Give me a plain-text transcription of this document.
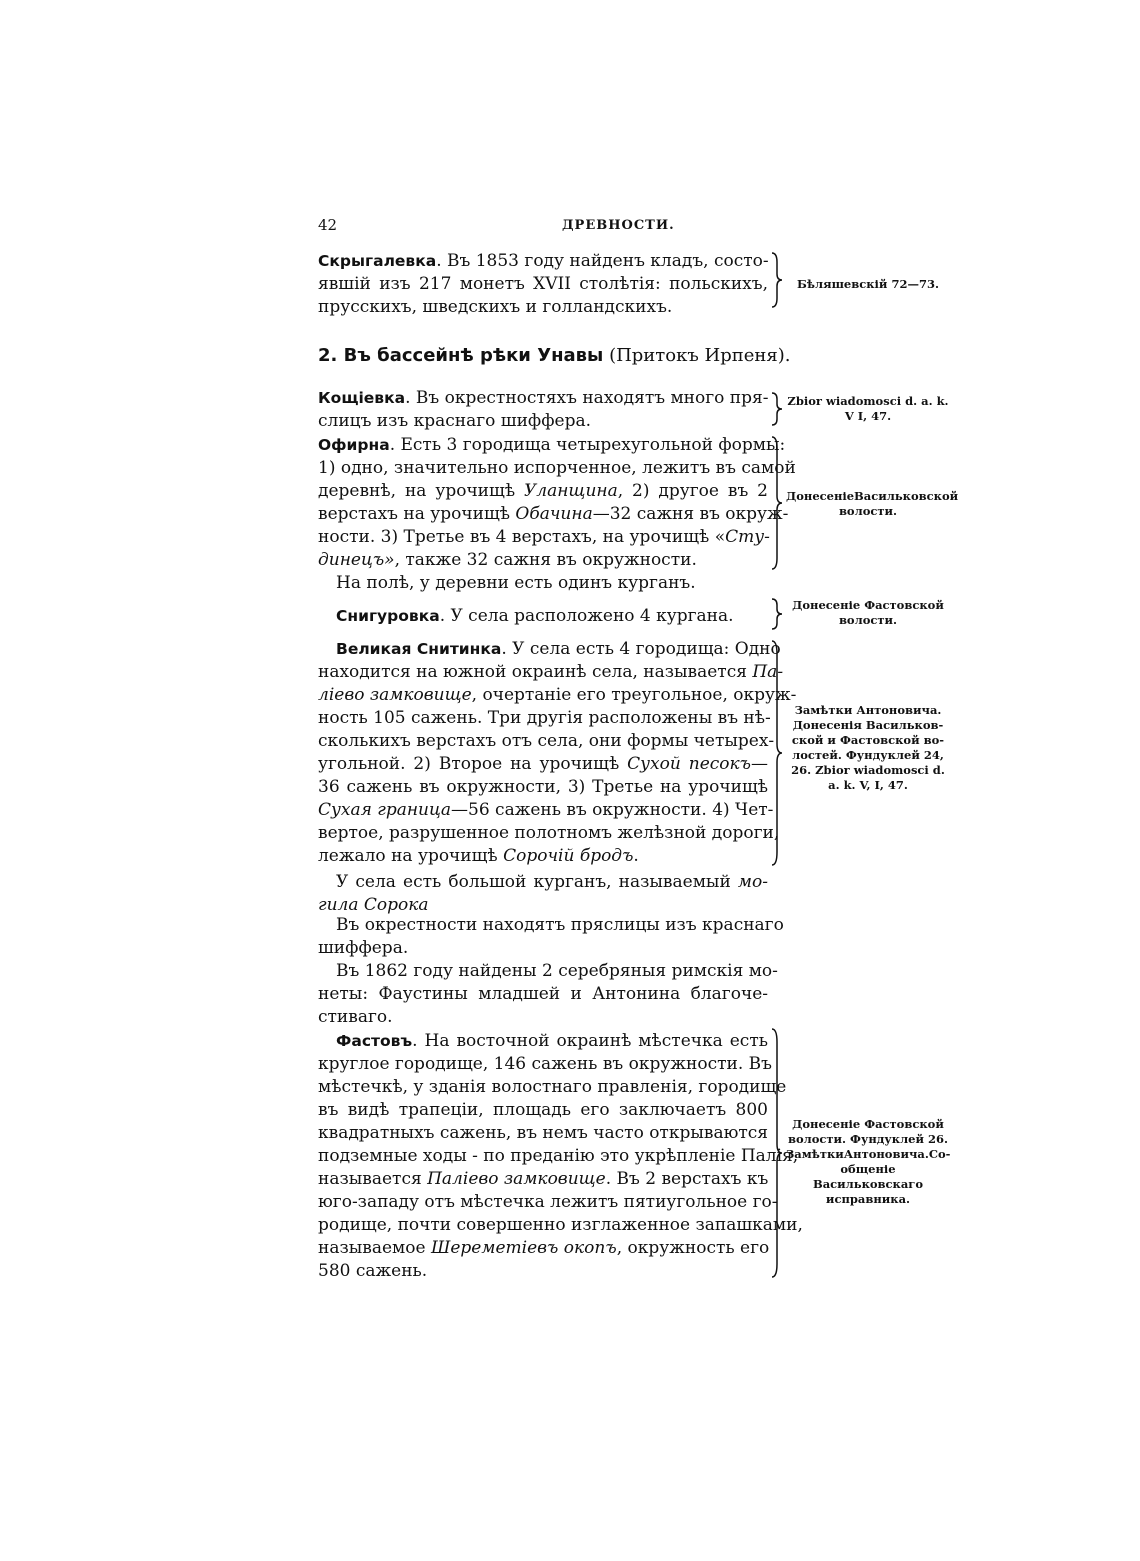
42	ДРЕВНОСТИ.
Скрыгалевка. Въ 1853 году найденъ кладъ, состо-
явшій изъ 217 монетъ XVII столѣтія: польскихъ,
прусскихъ, шведскихъ и голландскихъ.
Бѣляшевскій 72—73.
2. Въ бассейнѣ рѣки Унавы (Притокъ Ирпеня).
Кощіевка. Въ окрестностяхъ находятъ много пря-
слицъ изъ краснаго шиффера.
Zbior wiadomosci d. a. k. V I, 47.
Офирна. Есть 3 городища четырехугольной формы:
1) одно, значительно испорченное, лежитъ въ самой
деревнѣ, на урочищѣ Уланщина, 2) другое въ 2
верстахъ на урочищѣ Обачина—32 сажня въ окруж-
ности. 3) Третье въ 4 верстахъ, на урочищѣ «Сту-
динецъ», также 32 сажня въ окружности.
На полѣ, у деревни есть одинъ курганъ.
ДонесеніеВасильковской волости.
Снигуровка. У села расположено 4 кургана.
Донесеніе Фастовской волости.
Великая Снитинка. У села есть 4 городища: Одно
находится на южной окраинѣ села, называется Па-
ліево замковище, очертаніе его треугольное, окруж-
ность 105 сажень. Три другія расположены въ нѣ-
сколькихъ верстахъ отъ села, они формы четырех-
угольной. 2) Второе на урочищѣ Сухой песокъ—
36 сажень въ окружности, 3) Третье на урочищѣ
Сухая граница—56 сажень въ окружности. 4) Чет-
вертое, разрушенное полотномъ желѣзной дороги,
лежало на урочищѣ Сорочій бродъ.
Замѣтки Антоновича. Донесенія Васильковской и Фастовской волостей. Фундуклей 24, 26. Zbior wiadomosci d. a. k. V, I, 47.
У села есть большой курганъ, называемый мо-
гила Сорока
Въ окрестности находятъ пряслицы изъ краснаго
шиффера.
Въ 1862 году найдены 2 серебряныя римскія мо-
неты: Фаустины младшей и Антонина благоче-
стиваго.
Фастовъ. На восточной окраинѣ мѣстечка есть
круглое городище, 146 сажень въ окружности. Въ
мѣстечкѣ, у зданія волостнаго правленія, городище
въ видѣ трапеціи, площадь его заключаетъ 800
квадратныхъ сажень, въ немъ часто открываются
подземные ходы - по преданію это укрѣпленіе Палія,
называется Паліево замковище. Въ 2 верстахъ къ
юго-западу отъ мѣстечка лежитъ пятиугольное го-
родище, почти совершенно изглаженное запашками,
называемое Шереметіевъ окопъ, окружность его
580 сажень.
Донесеніе Фастовской волости. Фундуклей 26. ЗамѣткиАнтоновича.Сообщеніе Васильковскаго исправника.
